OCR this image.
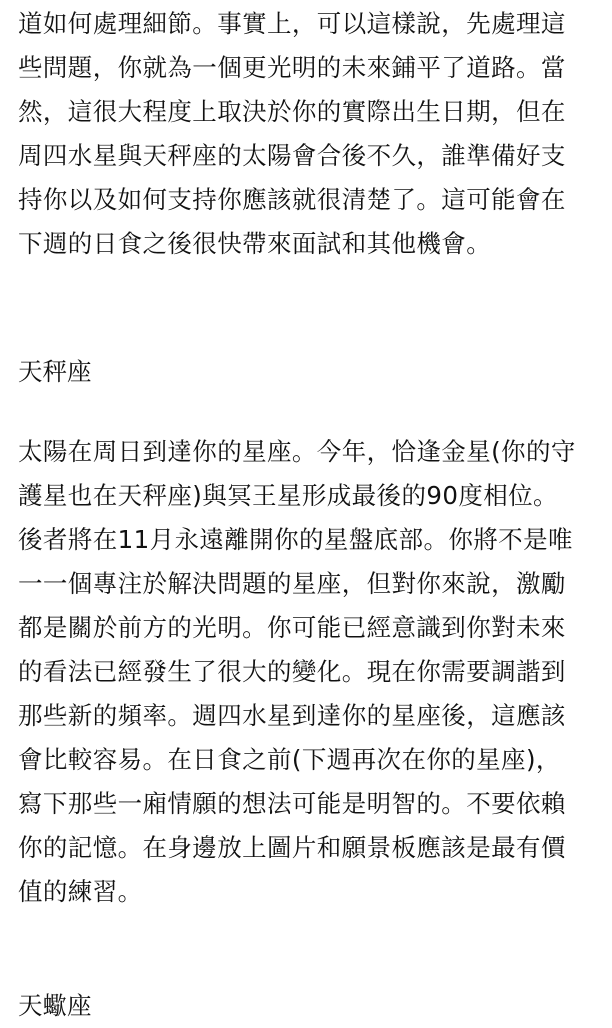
道如何處理細節。事實上，可以這樣說，先處理這
些問題，你就為一個更光明的未來鋪平了道路。當
然，這很大程度上取決於你的實際出生日期，但在
周四水星與天秤座的太陽會合後不久，誰準備好支
持你以及如何支持你應該就很清楚了。這可能會在
下週的日食之後很快帶來面試和其他機會。
天秤座
太陽在周日到達你的星座。今年，恰逢金星(你的守
護星也在天秤座)與冥王星形成最後的90度相位。
後者將在11月永遠離開你的星盤底部。你將不是唯
一一個專注於解決問題的星座，但對你來說，激勵
都是關於前方的光明。你可能已經意識到你對未來
的看法已經發生了很大的變化。現在你需要調諧到
那些新的頻率。週四水星到達你的星座後，這應該
會比較容易。在日食之前(下週再次在你的星座)，
寫下那些一廂情願的想法可能是明智的。不要依賴
你的記憶。在身邊放上圖片和願景板應該是最有價
值的練習。
天蠍座
